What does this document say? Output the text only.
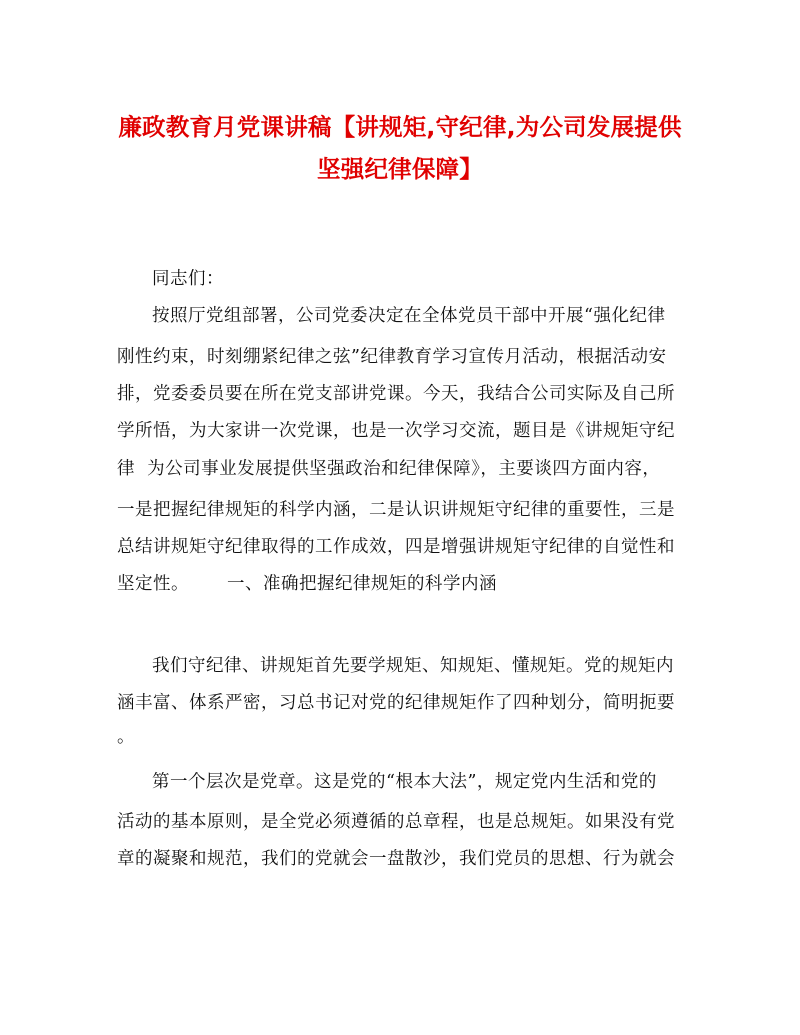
廉政教育月党课讲稿【讲规矩,守纪律,为公司发展提供
坚强纪律保障】
同志们：
按照厅党组部署，公司党委决定在全体党员干部中开展“强化纪律
刚性约束，时刻绷紧纪律之弦”纪律教育学习宣传月活动，根据活动安
排，党委委员要在所在党支部讲党课。今天，我结合公司实际及自己所
学所悟，为大家讲一次党课，也是一次学习交流，题目是《讲规矩守纪
律  为公司事业发展提供坚强政治和纪律保障》，主要谈四方面内容，
一是把握纪律规矩的科学内涵，二是认识讲规矩守纪律的重要性，三是
总结讲规矩守纪律取得的工作成效，四是增强讲规矩守纪律的自觉性和
坚定性。 一、准确把握纪律规矩的科学内涵
我们守纪律、讲规矩首先要学规矩、知规矩、懂规矩。党的规矩内
涵丰富、体系严密，习总书记对党的纪律规矩作了四种划分，简明扼要
。
第一个层次是党章。这是党的“根本大法”，规定党内生活和党的
活动的基本原则，是全党必须遵循的总章程，也是总规矩。如果没有党
章的凝聚和规范，我们的党就会一盘散沙，我们党员的思想、行为就会
